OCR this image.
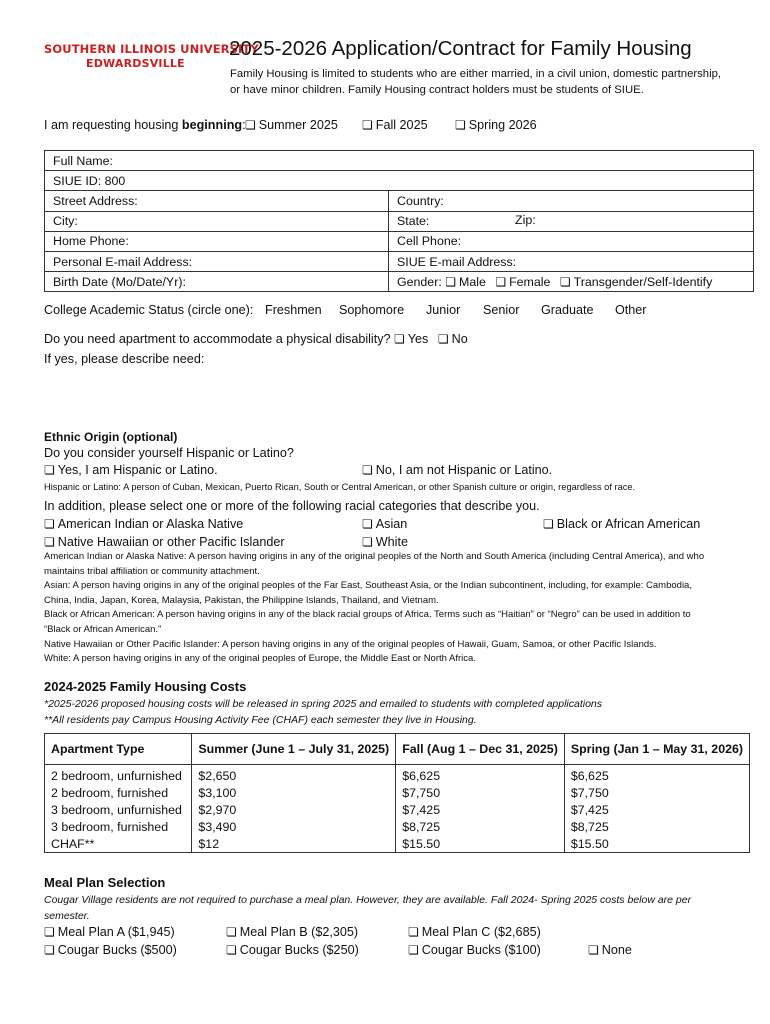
SOUTHERN ILLINOIS UNIVERSITY
EDWARDSVILLE
2025-2026 Application/Contract for Family Housing
Family Housing is limited to students who are either married, in a civil union, domestic partnership, or have minor children. Family Housing contract holders must be students of SIUE.
I am requesting housing beginning: ❏ Summer 2025 ❏ Fall 2025 ❏ Spring 2026
Full Name:	
SIUE ID: 800	
Street Address:	Country:
City:	State: Zip:

Home Phone:	Cell Phone:
Personal E-mail Address:	SIUE E-mail Address:
Birth Date (Mo/Date/Yr):	Gender: ❏ Male ❏ Female ❏ Transgender/Self-Identify
College Academic Status (circle one): Freshmen Sophomore Junior Senior Graduate Other
Do you need apartment to accommodate a physical disability? ❏ Yes ❏ No
If yes, please describe need:
Ethnic Origin (optional)
Do you consider yourself Hispanic or Latino?
❏ Yes, I am Hispanic or Latino.	❏ No, I am not Hispanic or Latino.
Hispanic or Latino: A person of Cuban, Mexican, Puerto Rican, South or Central American, or other Spanish culture or origin, regardless of race.
In addition, please select one or more of the following racial categories that describe you.
❏ American Indian or Alaska Native	❏ Asian	❏ Black or African American
❏ Native Hawaiian or other Pacific Islander	❏ White
American Indian or Alaska Native: A person having origins in any of the original peoples of the North and South America (including Central America), and who maintains tribal affiliation or community attachment.
Asian: A person having origins in any of the original peoples of the Far East, Southeast Asia, or the Indian subcontinent, including, for example: Cambodia, China, India, Japan, Korea, Malaysia, Pakistan, the Philippine Islands, Thailand, and Vietnam.
Black or African American: A person having origins in any of the black racial groups of Africa. Terms such as “Haitian” or “Negro” can be used in addition to “Black or African American.”
Native Hawaiian or Other Pacific Islander: A person having origins in any of the original peoples of Hawaii, Guam, Samoa, or other Pacific Islands.
White: A person having origins in any of the original peoples of Europe, the Middle East or North Africa.
2024-2025 Family Housing Costs
*2025-2026 proposed housing costs will be released in spring 2025 and emailed to students with completed applications
**All residents pay Campus Housing Activity Fee (CHAF) each semester they live in Housing.
Apartment Type	Summer (June 1 – July 31, 2025)	Fall (Aug 1 – Dec 31, 2025)	Spring (Jan 1 – May 31, 2026)
2 bedroom, unfurnished	$2,650	$6,625	$6,625
2 bedroom, furnished	$3,100	$7,750	$7,750
3 bedroom, unfurnished	$2,970	$7,425	$7,425
3 bedroom, furnished	$3,490	$8,725	$8,725
CHAF**	$12	$15.50	$15.50
Meal Plan Selection
Cougar Village residents are not required to purchase a meal plan. However, they are available. Fall 2024- Spring 2025 costs below are per semester.
❏ Meal Plan A ($1,945)	❏ Meal Plan B ($2,305)	❏ Meal Plan C ($2,685)
❏ Cougar Bucks ($500)	❏ Cougar Bucks ($250)	❏ Cougar Bucks ($100)	❏ None
